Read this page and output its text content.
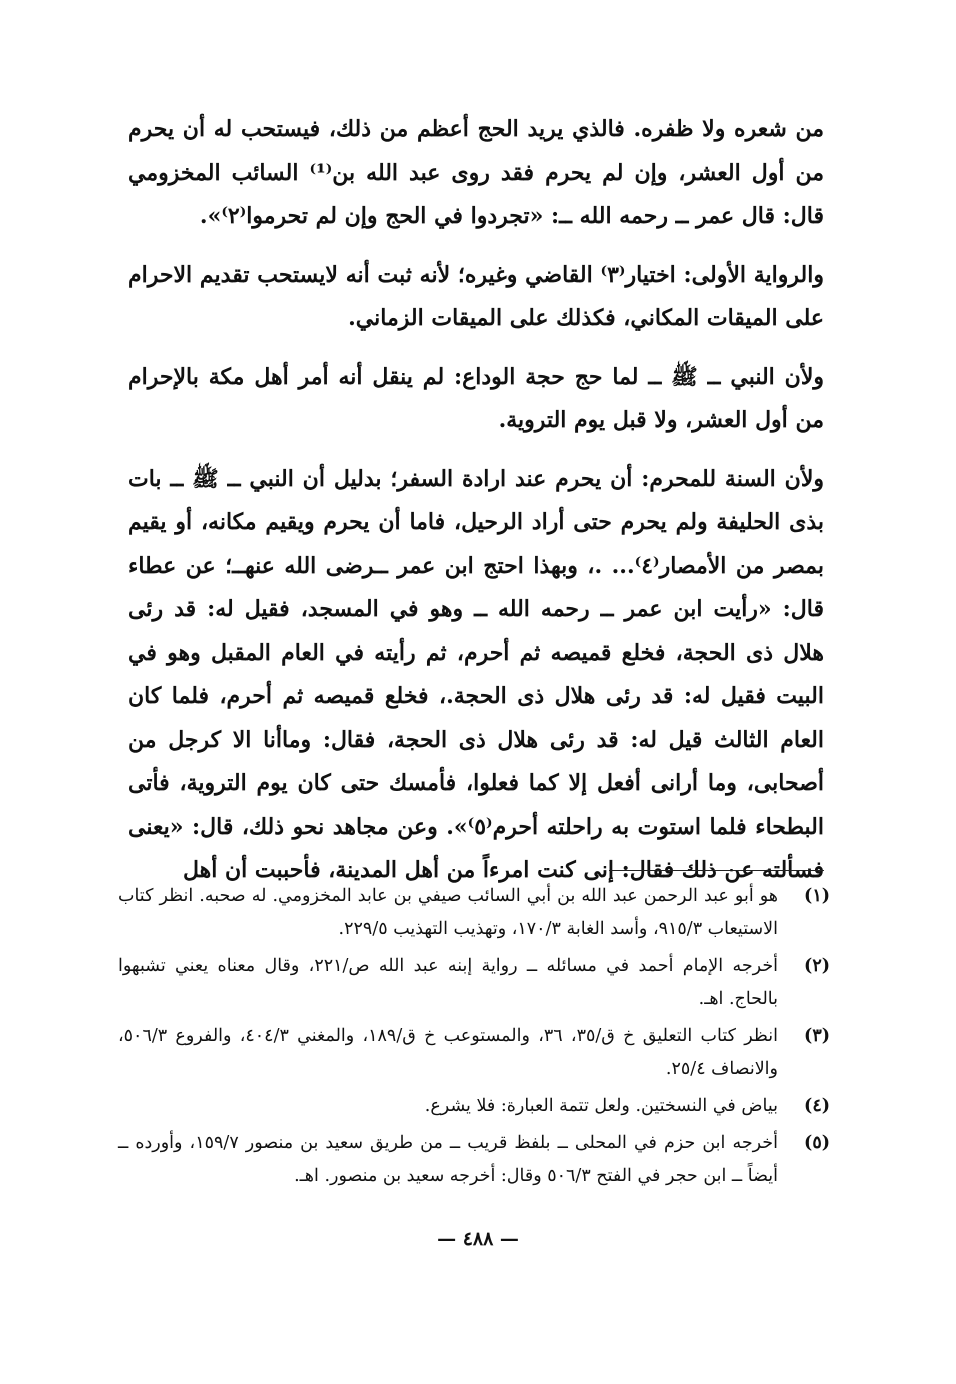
من شعره ولا ظفره. فالذي يريد الحج أعظم من ذلك، فيستحب له أن يحرم من أول العشر، وإن لم يحرم فقد روى عبد الله بن⁽¹⁾ السائب المخزومي قال: قال عمر ــ رحمه الله ــ: «تجردوا في الحج وإن لم تحرموا⁽٢⁾».

والرواية الأولى: اختيار⁽٣⁾ القاضي وغيره؛ لأنه ثبت أنه لايستحب تقديم الاحرام على الميقات المكاني، فكذلك على الميقات الزماني.

ولأن النبي ــ ﷺ ــ لما حج حجة الوداع: لم ينقل أنه أمر أهل مكة بالإحرام من أول العشر، ولا قبل يوم التروية.

ولأن السنة للمحرم: أن يحرم عند ارادة السفر؛ بدليل أن النبي ــ ﷺ ــ بات بذى الحليفة ولم يحرم حتى أراد الرحيل، فاما أن يحرم ويقيم مكانه، أو يقيم بمصر من الأمصار⁽٤⁾... .، وبهذا احتج ابن عمر ــرضى الله عنهــ؛ عن عطاء قال: «رأيت ابن عمر ــ رحمه الله ــ وهو في المسجد، فقيل له: قد رئى هلال ذى الحجة، فخلع قميصه ثم أحرم، ثم رأيته في العام المقبل وهو في البيت فقيل له: قد رئى هلال ذى الحجة.، فخلع قميصه ثم أحرم، فلما كان العام الثالث قيل له: قد رئى هلال ذى الحجة، فقال: وماأنا الا كرجل من أصحابى، وما أرانى أفعل إلا كما فعلوا، فأمسك حتى كان يوم التروية، فأتى البطحاء فلما استوت به راحلته أحرم⁽٥⁾». وعن مجاهد نحو ذلك، قال: «يعنى فسألته عن ذلك فقال: إنى كنت امرءاً من أهل المدينة، فأحببت أن أهل

(١)
هو أبو عبد الرحمن عبد الله بن أبي السائب صيفي بن عابد المخزومي. له صحبه. انظر كتاب الاستيعاب ٩١٥/٣، وأسد الغابة ١٧٠/٣، وتهذيب التهذيب ٢٢٩/٥.
(٢)
أخرجه الإمام أحمد في مسائله ــ رواية إبنه عبد الله ص/٢٢١، وقال معناه يعني تشبهوا بالحاج. اهـ.
(٣)
انظر كتاب التعليق خ ق/٣٥، ٣٦، والمستوعب خ ق/١٨٩، والمغني ٤٠٤/٣، والفروع ٥٠٦/٣، والانصاف ٢٥/٤.
(٤)
بياض في النسختين. ولعل تتمة العبارة: فلا يشرع.
(٥)
أخرجه ابن حزم في المحلى ــ بلفظ قريب ــ من طريق سعيد بن منصور ١٥٩/٧، وأورده ــ أيضاً ــ ابن حجر في الفتح ٥٠٦/٣ وقال: أخرجه سعيد بن منصور. اهـ.
— ٤٨٨ —
